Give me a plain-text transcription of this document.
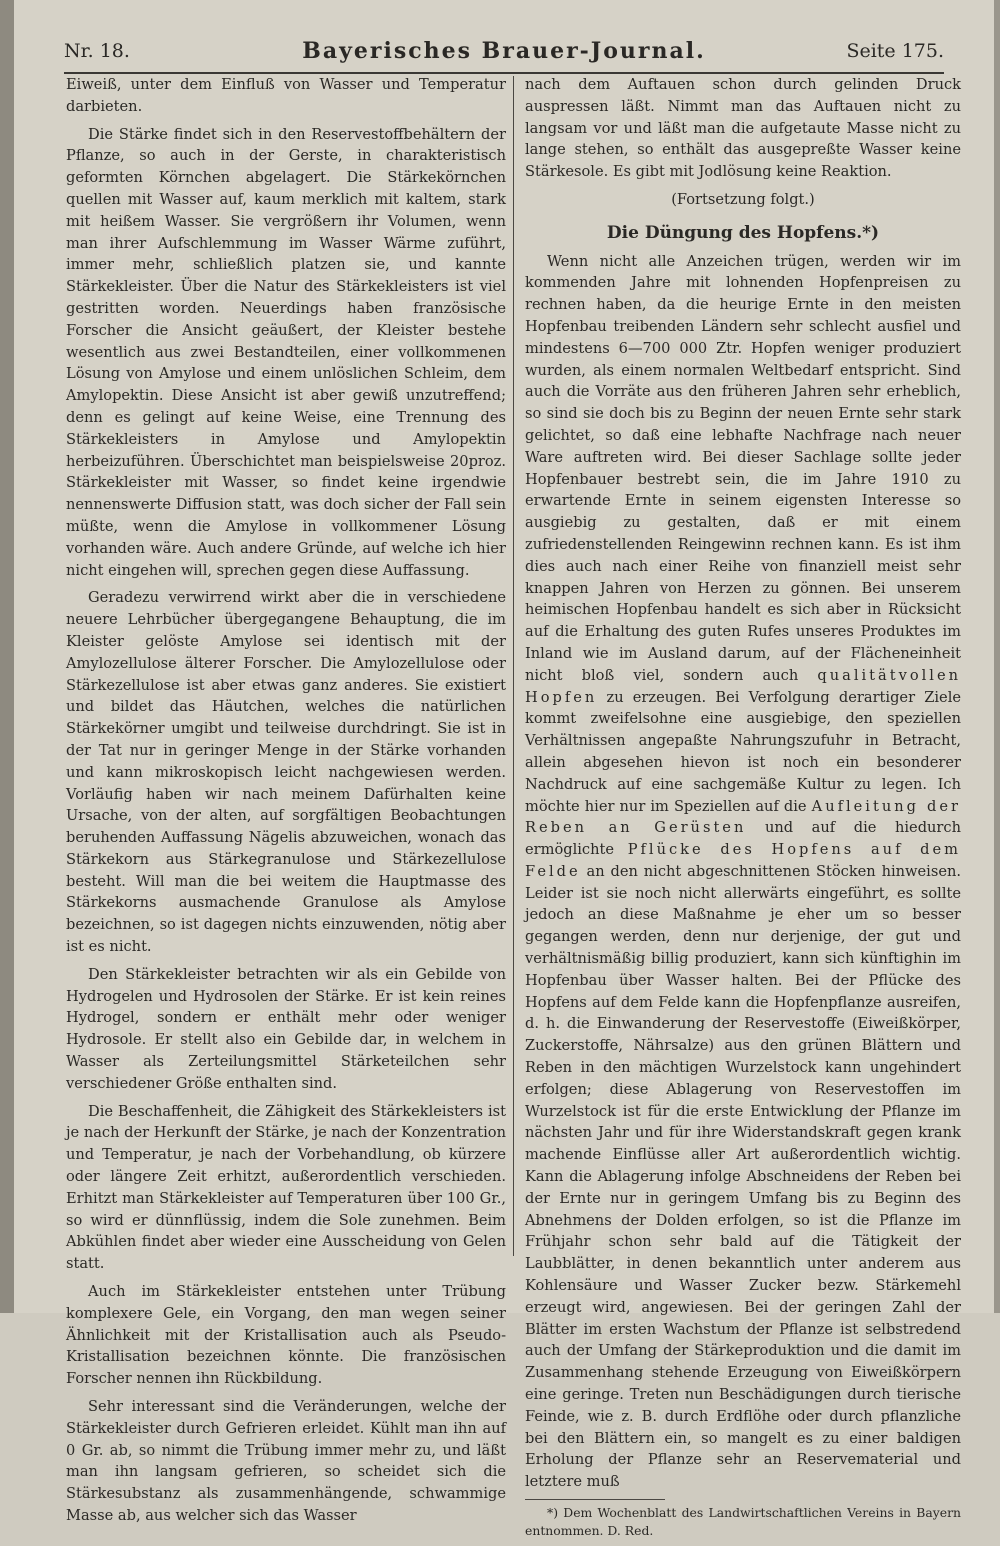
Nr. 18.	Bayerisches Brauer-Journal.	Seite 175.

Eiweiß, unter dem Einfluß von Wasser und Temperatur darbieten.

Die Stärke findet sich in den Reservestoffbehältern der Pflanze, so auch in der Gerste, in charakteristisch geformten Körnchen abgelagert. Die Stärkekörnchen quellen mit Wasser auf, kaum merklich mit kaltem, stark mit heißem Wasser. Sie vergrößern ihr Volumen, wenn man ihrer Aufschlemmung im Wasser Wärme zuführt, immer mehr, schließlich platzen sie, und kannte Stärkekleister. Über die Natur des Stärkekleisters ist viel gestritten worden. Neuerdings haben französische Forscher die Ansicht geäußert, der Kleister bestehe wesentlich aus zwei Bestandteilen, einer vollkommenen Lösung von Amylose und einem unlöslichen Schleim, dem Amylopektin. Diese Ansicht ist aber gewiß unzutreffend; denn es gelingt auf keine Weise, eine Trennung des Stärkekleisters in Amylose und Amylopektin herbeizuführen. Überschichtet man beispielsweise 20proz. Stärkekleister mit Wasser, so findet keine irgendwie nennenswerte Diffusion statt, was doch sicher der Fall sein müßte, wenn die Amylose in vollkommener Lösung vorhanden wäre. Auch andere Gründe, auf welche ich hier nicht eingehen will, sprechen gegen diese Auffassung.

Geradezu verwirrend wirkt aber die in verschiedene neuere Lehrbücher übergegangene Behauptung, die im Kleister gelöste Amylose sei identisch mit der Amylozellulose älterer Forscher. Die Amylozellulose oder Stärkezellulose ist aber etwas ganz anderes. Sie existiert und bildet das Häutchen, welches die natürlichen Stärkekörner umgibt und teilweise durchdringt. Sie ist in der Tat nur in geringer Menge in der Stärke vorhanden und kann mikroskopisch leicht nachgewiesen werden. Vorläufig haben wir nach meinem Dafürhalten keine Ursache, von der alten, auf sorgfältigen Beobachtungen beruhenden Auffassung Nägelis abzuweichen, wonach das Stärkekorn aus Stärkegranulose und Stärkezellulose besteht. Will man die bei weitem die Hauptmasse des Stärkekorns ausmachende Granulose als Amylose bezeichnen, so ist dagegen nichts einzuwenden, nötig aber ist es nicht.

Den Stärkekleister betrachten wir als ein Gebilde von Hydrogelen und Hydrosolen der Stärke. Er ist kein reines Hydrogel, sondern er enthält mehr oder weniger Hydrosole. Er stellt also ein Gebilde dar, in welchem in Wasser als Zerteilungsmittel Stärketeilchen sehr verschiedener Größe enthalten sind.

Die Beschaffenheit, die Zähigkeit des Stärkekleisters ist je nach der Herkunft der Stärke, je nach der Konzentration und Temperatur, je nach der Vorbehandlung, ob kürzere oder längere Zeit erhitzt, außerordentlich verschieden. Erhitzt man Stärkekleister auf Temperaturen über 100 Gr., so wird er dünnflüssig, indem die Sole zunehmen. Beim Abkühlen findet aber wieder eine Ausscheidung von Gelen statt.

Auch im Stärkekleister entstehen unter Trübung komplexere Gele, ein Vorgang, den man wegen seiner Ähnlichkeit mit der Kristallisation auch als Pseudo-Kristallisation bezeichnen könnte. Die französischen Forscher nennen ihn Rückbildung.

Sehr interessant sind die Veränderungen, welche der Stärkekleister durch Gefrieren erleidet. Kühlt man ihn auf 0 Gr. ab, so nimmt die Trübung immer mehr zu, und läßt man ihn langsam gefrieren, so scheidet sich die Stärkesubstanz als zusammenhängende, schwammige Masse ab, aus welcher sich das Wasser

nach dem Auftauen schon durch gelinden Druck auspressen läßt. Nimmt man das Auftauen nicht zu langsam vor und läßt man die aufgetaute Masse nicht zu lange stehen, so enthält das ausgepreßte Wasser keine Stärkesole. Es gibt mit Jodlösung keine Reaktion.

(Fortsetzung folgt.)

Die Düngung des Hopfens.*)

Wenn nicht alle Anzeichen trügen, werden wir im kommenden Jahre mit lohnenden Hopfenpreisen zu rechnen haben, da die heurige Ernte in den meisten Hopfenbau treibenden Ländern sehr schlecht ausfiel und mindestens 6—700 000 Ztr. Hopfen weniger produziert wurden, als einem normalen Weltbedarf entspricht. Sind auch die Vorräte aus den früheren Jahren sehr erheblich, so sind sie doch bis zu Beginn der neuen Ernte sehr stark gelichtet, so daß eine lebhafte Nachfrage nach neuer Ware auftreten wird. Bei dieser Sachlage sollte jeder Hopfenbauer bestrebt sein, die im Jahre 1910 zu erwartende Ernte in seinem eigensten Interesse so ausgiebig zu gestalten, daß er mit einem zufriedenstellenden Reingewinn rechnen kann. Es ist ihm dies auch nach einer Reihe von finanziell meist sehr knappen Jahren von Herzen zu gönnen. Bei unserem heimischen Hopfenbau handelt es sich aber in Rücksicht auf die Erhaltung des guten Rufes unseres Produktes im Inland wie im Ausland darum, auf der Flächeneinheit nicht bloß viel, sondern auch qualitätvollen Hopfen zu erzeugen. Bei Verfolgung derartiger Ziele kommt zweifelsohne eine ausgiebige, den speziellen Verhältnissen angepaßte Nahrungszufuhr in Betracht, allein abgesehen hievon ist noch ein besonderer Nachdruck auf eine sachgemäße Kultur zu legen. Ich möchte hier nur im Speziellen auf die Aufleitung der Reben an Gerüsten und auf die hiedurch ermöglichte Pflücke des Hopfens auf dem Felde an den nicht abgeschnittenen Stöcken hinweisen. Leider ist sie noch nicht allerwärts eingeführt, es sollte jedoch an diese Maßnahme je eher um so besser gegangen werden, denn nur derjenige, der gut und verhältnismäßig billig produziert, kann sich künftighin im Hopfenbau über Wasser halten. Bei der Pflücke des Hopfens auf dem Felde kann die Hopfenpflanze ausreifen, d. h. die Einwanderung der Reservestoffe (Eiweißkörper, Zuckerstoffe, Nährsalze) aus den grünen Blättern und Reben in den mächtigen Wurzelstock kann ungehindert erfolgen; diese Ablagerung von Reservestoffen im Wurzelstock ist für die erste Entwicklung der Pflanze im nächsten Jahr und für ihre Widerstandskraft gegen krank machende Einflüsse aller Art außerordentlich wichtig. Kann die Ablagerung infolge Abschneidens der Reben bei der Ernte nur in geringem Umfang bis zu Beginn des Abnehmens der Dolden erfolgen, so ist die Pflanze im Frühjahr schon sehr bald auf die Tätigkeit der Laubblätter, in denen bekanntlich unter anderem aus Kohlensäure und Wasser Zucker bezw. Stärkemehl erzeugt wird, angewiesen. Bei der geringen Zahl der Blätter im ersten Wachstum der Pflanze ist selbstredend auch der Umfang der Stärkeproduktion und die damit im Zusammenhang stehende Erzeugung von Eiweißkörpern eine geringe. Treten nun Beschädigungen durch tierische Feinde, wie z. B. durch Erdflöhe oder durch pflanzliche bei den Blättern ein, so mangelt es zu einer baldigen Erholung der Pflanze sehr an Reservematerial und letztere muß

*) Dem Wochenblatt des Landwirtschaftlichen Vereins in Bayern entnommen. D. Red.
